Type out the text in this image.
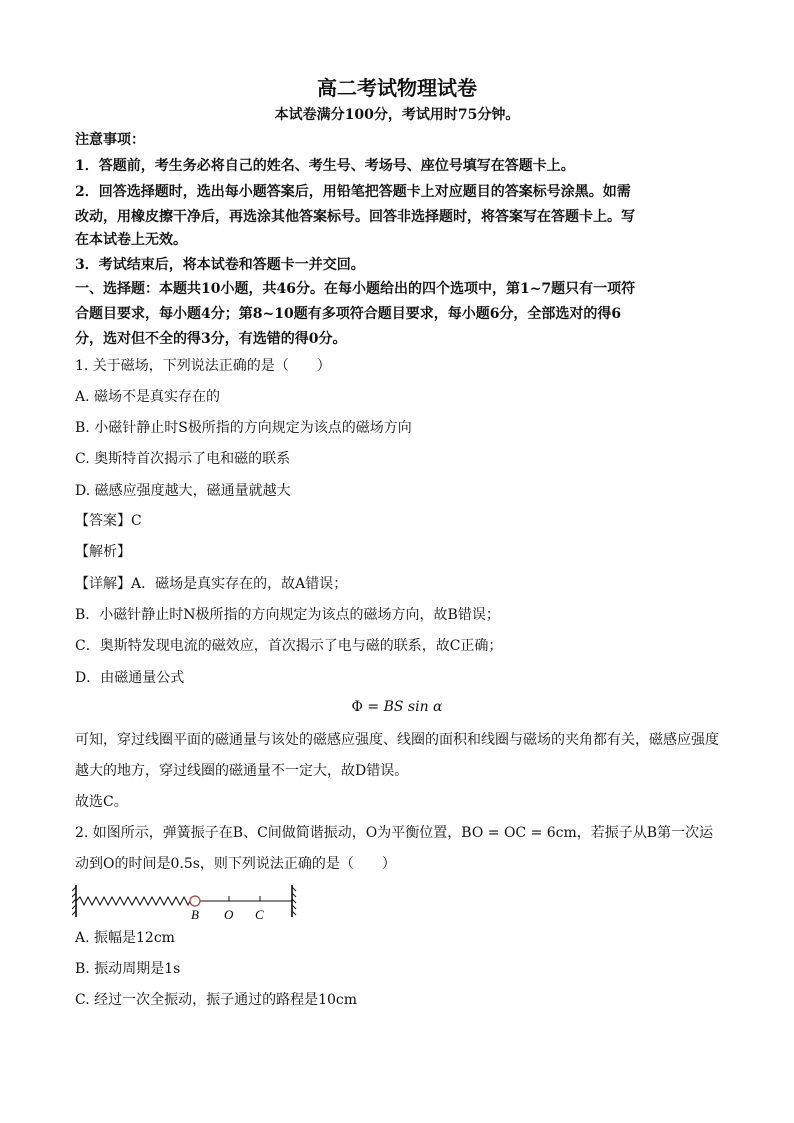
高二考试物理试卷
本试卷满分100分，考试用时75分钟。
注意事项：
1．答题前，考生务必将自己的姓名、考生号、考场号、座位号填写在答题卡上。
2．回答选择题时，选出每小题答案后，用铅笔把答题卡上对应题目的答案标号涂黑。如需
改动，用橡皮擦干净后，再选涂其他答案标号。回答非选择题时，将答案写在答题卡上。写
在本试卷上无效。
3．考试结束后，将本试卷和答题卡一并交回。
一、选择题：本题共10小题，共46分。在每小题给出的四个选项中，第1~7题只有一项符
合题目要求，每小题4分；第8~10题有多项符合题目要求，每小题6分，全部选对的得6
分，选对但不全的得3分，有选错的得0分。
1. 关于磁场，下列说法正确的是（　　）
A. 磁场不是真实存在的
B. 小磁针静止时S极所指的方向规定为该点的磁场方向
C. 奥斯特首次揭示了电和磁的联系
D. 磁感应强度越大，磁通量就越大
【答案】C
【解析】
【详解】A．磁场是真实存在的，故A错误；
B．小磁针静止时N极所指的方向规定为该点的磁场方向，故B错误；
C．奥斯特发现电流的磁效应，首次揭示了电与磁的联系，故C正确；
D．由磁通量公式
Φ = BS sin α
可知，穿过线圈平面的磁通量与该处的磁感应强度、线圈的面积和线圈与磁场的夹角都有关，磁感应强度
越大的地方，穿过线圈的磁通量不一定大，故D错误。
故选C。
2. 如图所示，弹簧振子在B、C间做简谐振动，O为平衡位置，BO = OC = 6cm，若振子从B第一次运
动到O的时间是0.5s，则下列说法正确的是（　　）
B O C
A. 振幅是12cm
B. 振动周期是1s
C. 经过一次全振动，振子通过的路程是10cm
